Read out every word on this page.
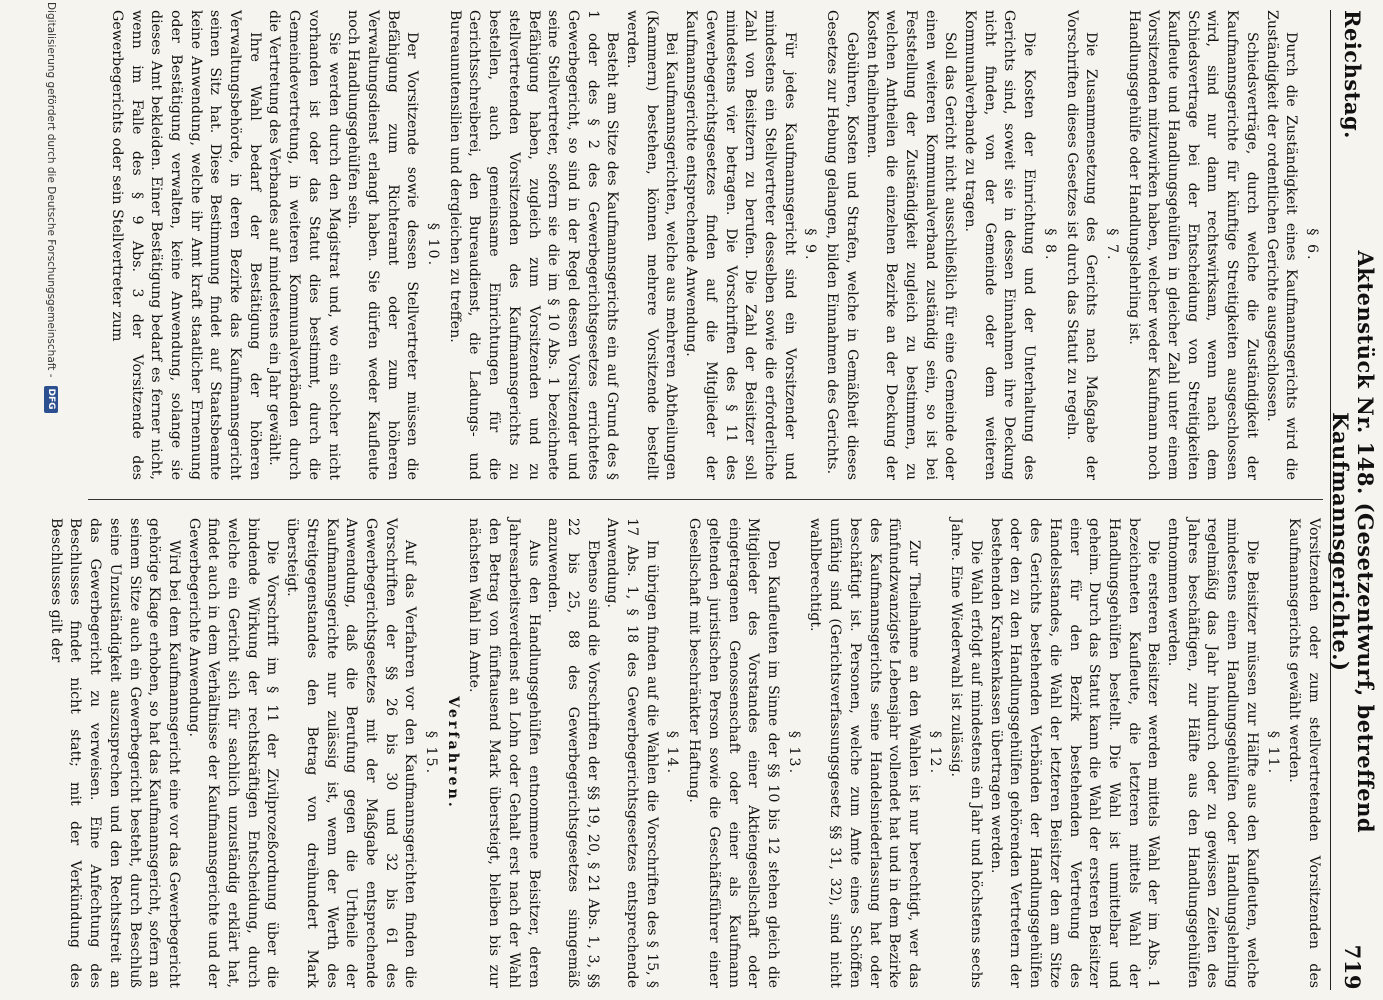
Reichstag.
Aktenstück Nr. 148. (Gesetzentwurf, betreffend Kaufmannsgerichte.)
719
§ 6.

Durch die Zuständigkeit eines Kaufmannsgerichts wird die Zuständigkeit der ordentlichen Gerichte ausgeschlossen.

Schiedsverträge, durch welche die Zuständigkeit der Kaufmannsgerichte für künftige Streitigkeiten ausgeschlossen wird, sind nur dann rechtswirksam, wenn nach dem Schiedsvertrage bei der Entscheidung von Streitigkeiten Kaufleute und Handlungsgehülfen in gleicher Zahl unter einem Vorsitzenden mitzuwirken haben, welcher weder Kaufmann noch Handlungsgehülfe oder Handlungslehrling ist.

§ 7.

Die Zusammensetzung des Gerichts nach Maßgabe der Vorschriften dieses Gesetzes ist durch das Statut zu regeln.

§ 8.

Die Kosten der Einrichtung und der Unterhaltung des Gerichts sind, soweit sie in dessen Einnahmen ihre Deckung nicht finden, von der Gemeinde oder dem weiteren Kommunalverbande zu tragen.

Soll das Gericht nicht ausschließlich für eine Gemeinde oder einen weiteren Kommunalverband zuständig sein, so ist bei Feststellung der Zuständigkeit zugleich zu bestimmen, zu welchen Antheilen die einzelnen Bezirke an der Deckung der Kosten theilnehmen.

Gebühren, Kosten und Strafen, welche in Gemäßheit dieses Gesetzes zur Hebung gelangen, bilden Einnahmen des Gerichts.

§ 9.

Für jedes Kaufmannsgericht sind ein Vorsitzender und mindestens ein Stellvertreter desselben sowie die erforderliche Zahl von Beisitzern zu berufen. Die Zahl der Beisitzer soll mindestens vier betragen. Die Vorschriften des § 11 des Gewerbegerichtsgesetzes finden auf die Mitglieder der Kaufmannsgerichte entsprechende Anwendung.

Bei Kaufmannsgerichten, welche aus mehreren Abtheilungen (Kammern) bestehen, können mehrere Vorsitzende bestellt werden.

Besteht am Sitze des Kaufmannsgerichts ein auf Grund des § 1 oder des § 2 des Gewerbegerichtsgesetzes errichtetes Gewerbegericht, so sind in der Regel dessen Vorsitzender und seine Stellvertreter, sofern sie die im § 10 Abs. 1 bezeichnete Befähigung haben, zugleich zum Vorsitzenden und zu stellvertretenden Vorsitzenden des Kaufmannsgerichts zu bestellen, auch gemeinsame Einrichtungen für die Gerichtsschreiberei, den Bureaudienst, die Ladungs- und Bureaunutensilien und dergleichen zu treffen.

§ 10.

Der Vorsitzende sowie dessen Stellvertreter müssen die Befähigung zum Richteramt oder zum höheren Verwaltungsdienst erlangt haben. Sie dürfen weder Kaufleute noch Handlungsgehülfen sein.

Sie werden durch den Magistrat und, wo ein solcher nicht vorhanden ist oder das Statut dies bestimmt, durch die Gemeindevertretung, in weiteren Kommunalverbänden durch die Vertretung des Verbandes auf mindestens ein Jahr gewählt.

Ihre Wahl bedarf der Bestätigung der höheren Verwaltungsbehörde, in deren Bezirke das Kaufmannsgericht seinen Sitz hat. Diese Bestimmung findet auf Staatsbeamte keine Anwendung, welche ihr Amt kraft staatlicher Ernennung oder Bestätigung verwalten, keine Anwendung, solange sie dieses Amt bekleiden. Einer Bestätigung bedarf es ferner nicht, wenn im Falle des § 9 Abs. 3 der Vorsitzende des Gewerbegerichts oder sein Stellvertreter zum

Vorsitzenden oder zum stellvertretenden Vorsitzenden des Kaufmannsgerichts gewählt werden.

§ 11.

Die Beisitzer müssen zur Hälfte aus den Kaufleuten, welche mindestens einen Handlungsgehülfen oder Handlungslehrling regelmäßig das Jahr hindurch oder zu gewissen Zeiten des Jahres beschäftigen, zur Hälfte aus den Handlungsgehülfen entnommen werden.

Die ersteren Beisitzer werden mittels Wahl der im Abs. 1 bezeichneten Kaufleute, die letzteren mittels Wahl der Handlungsgehülfen bestellt. Die Wahl ist unmittelbar und geheim. Durch das Statut kann die Wahl der ersteren Beisitzer einer für den Bezirk bestehenden Vertretung des Handelsstandes, die Wahl der letzteren Beisitzer den am Sitze des Gerichts bestehenden Verbänden der Handlungsgehülfen oder den zu den Handlungsgehülfen gehörenden Vertretern der bestehenden Krankenkassen übertragen werden.

Die Wahl erfolgt auf mindestens ein Jahr und höchstens sechs Jahre. Eine Wiederwahl ist zulässig.

§ 12.

Zur Theilnahme an den Wahlen ist nur berechtigt, wer das fünfundzwanzigste Lebensjahr vollendet hat und in dem Bezirke des Kaufmannsgerichts seine Handelsniederlassung hat oder beschäftigt ist. Personen, welche zum Amte eines Schöffen unfähig sind (Gerichtsverfassungsgesetz §§ 31, 32), sind nicht wahlberechtigt.

§ 13.

Den Kaufleuten im Sinne der §§ 10 bis 12 stehen gleich die Mitglieder des Vorstandes einer Aktiengesellschaft oder eingetragenen Genossenschaft oder einer als Kaufmann geltenden juristischen Person sowie die Geschäftsführer einer Gesellschaft mit beschränkter Haftung.

§ 14.

Im übrigen finden auf die Wahlen die Vorschriften des § 15, § 17 Abs. 1, § 18 des Gewerbegerichtsgesetzes entsprechende Anwendung.

Ebenso sind die Vorschriften der §§ 19, 20, § 21 Abs. 1, 3, §§ 22 bis 25, 88 des Gewerbegerichtsgesetzes sinngemäß anzuwenden.

Aus den Handlungsgehülfen entnommene Beisitzer, deren Jahresarbeitsverdienst an Lohn oder Gehalt erst nach der Wahl den Betrag von fünftausend Mark übersteigt, bleiben bis zur nächsten Wahl im Amte.

Verfahren.
§ 15.

Auf das Verfahren vor den Kaufmannsgerichten finden die Vorschriften der §§ 26 bis 30 und 32 bis 61 des Gewerbegerichtsgesetzes mit der Maßgabe entsprechende Anwendung, daß die Berufung gegen die Urtheile der Kaufmannsgerichte nur zulässig ist, wenn der Werth des Streitgegenstandes den Betrag von dreihundert Mark übersteigt.

Die Vorschrift im § 11 der Zivilprozeßordnung über die bindende Wirkung der rechtskräftigen Entscheidung, durch welche ein Gericht sich für sachlich unzuständig erklärt hat, findet auch in dem Verhältnisse der Kaufmannsgerichte und der Gewerbegerichte Anwendung.

Wird bei dem Kaufmannsgericht eine vor das Gewerbegericht gehörige Klage erhoben, so hat das Kaufmannsgericht, sofern an seinem Sitze auch ein Gewerbegericht besteht, durch Beschluß seine Unzuständigkeit auszusprechen und den Rechtsstreit an das Gewerbegericht zu verweisen. Eine Anfechtung des Beschlusses findet nicht statt; mit der Verkündung des Beschlusses gilt der

Digitalisierung gefördert durch die Deutsche Forschungsgemeinschaft -
DFG
